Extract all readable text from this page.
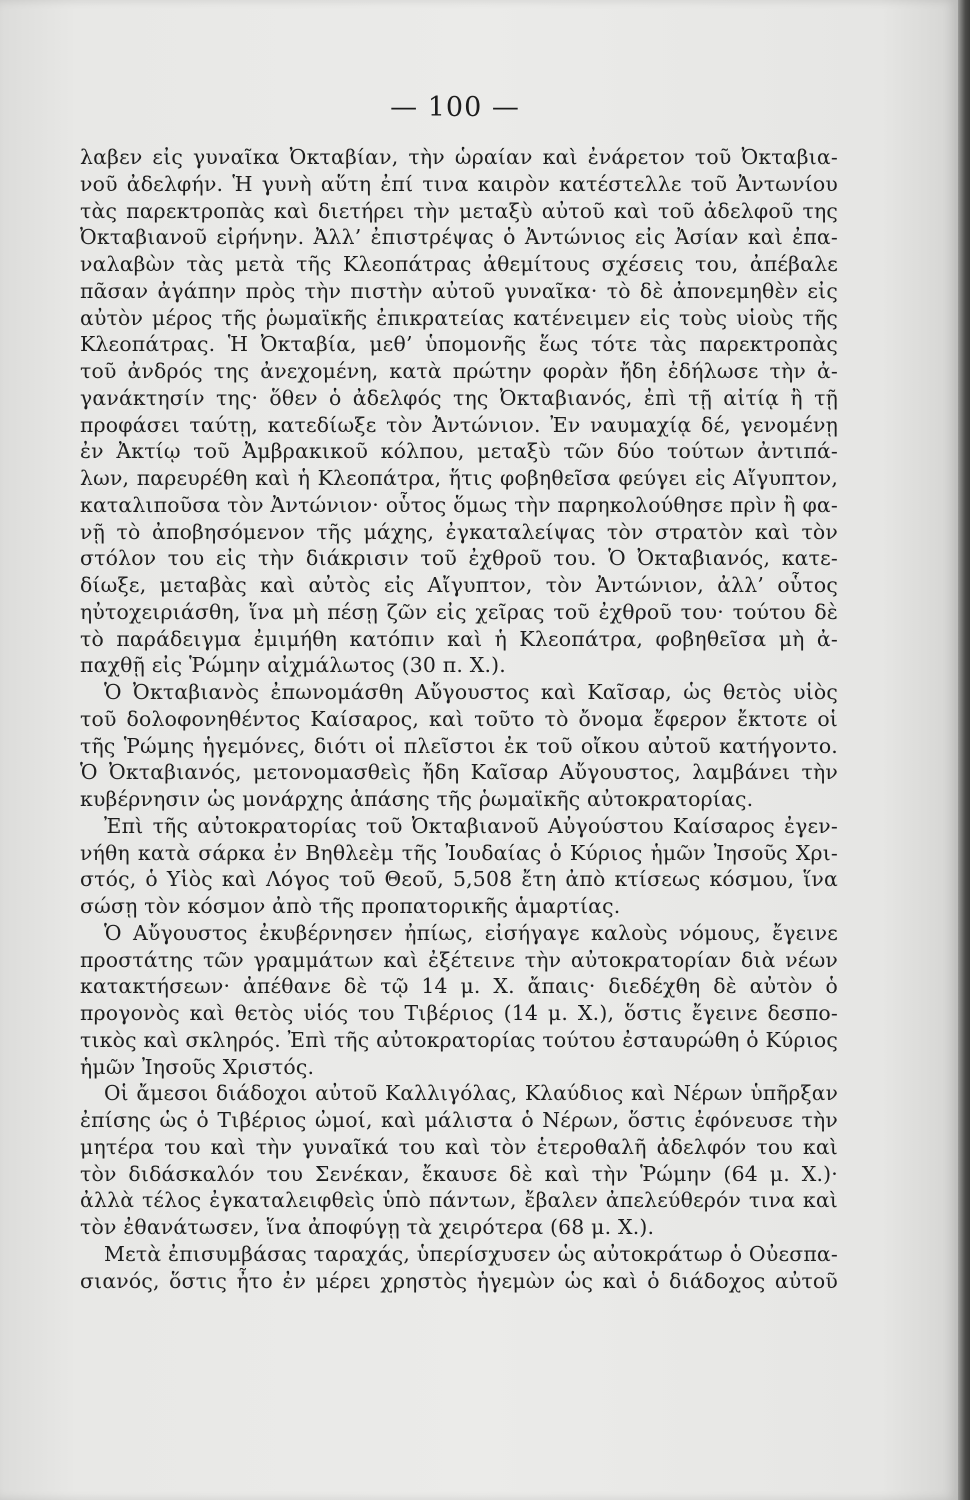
— 100 —
λαβεν εἰς γυναῖκα Ὀκταβίαν, τὴν ὡραίαν καὶ ἐνάρετον τοῦ Ὀκταβια-
νοῦ ἀδελφήν. Ἡ γυνὴ αὕτη ἐπί τινα καιρὸν κατέστελλε τοῦ Ἀντωνίου
τὰς παρεκτροπὰς καὶ διετήρει τὴν μεταξὺ αὐτοῦ καὶ τοῦ ἀδελφοῦ της
Ὀκταβιανοῦ εἰρήνην. Ἀλλ’ ἐπιστρέψας ὁ Ἀντώνιος εἰς Ἀσίαν καὶ ἐπα-
ναλαβὼν τὰς μετὰ τῆς Κλεοπάτρας ἀθεμίτους σχέσεις του, ἀπέβαλε
πᾶσαν ἀγάπην πρὸς τὴν πιστὴν αὐτοῦ γυναῖκα· τὸ δὲ ἀπονεμηθὲν εἰς
αὐτὸν μέρος τῆς ῥωμαϊκῆς ἐπικρατείας κατένειμεν εἰς τοὺς υἱοὺς τῆς
Κλεοπάτρας. Ἡ Ὀκταβία, μεθ’ ὑπομονῆς ἕως τότε τὰς παρεκτροπὰς
τοῦ ἀνδρός της ἀνεχομένη, κατὰ πρώτην φορὰν ἤδη ἐδήλωσε τὴν ἀ-
γανάκτησίν της· ὅθεν ὁ ἀδελφός της Ὀκταβιανός, ἐπὶ τῇ αἰτίᾳ ἢ τῇ
προφάσει ταύτῃ, κατεδίωξε τὸν Ἀντώνιον. Ἐν ναυμαχίᾳ δέ, γενομένῃ
ἐν Ἀκτίῳ τοῦ Ἀμβρακικοῦ κόλπου, μεταξὺ τῶν δύο τούτων ἀντιπά-
λων, παρευρέθη καὶ ἡ Κλεοπάτρα, ἥτις φοβηθεῖσα φεύγει εἰς Αἴγυπτον,
καταλιποῦσα τὸν Ἀντώνιον· οὗτος ὅμως τὴν παρηκολούθησε πρὶν ἢ φα-
νῇ τὸ ἀποβησόμενον τῆς μάχης, ἐγκαταλείψας τὸν στρατὸν καὶ τὸν
στόλον του εἰς τὴν διάκρισιν τοῦ ἐχθροῦ του. Ὁ Ὀκταβιανός, κατε-
δίωξε, μεταβὰς καὶ αὐτὸς εἰς Αἴγυπτον, τὸν Ἀντώνιον, ἀλλ’ οὗτος
ηὐτοχειριάσθη, ἵνα μὴ πέσῃ ζῶν εἰς χεῖρας τοῦ ἐχθροῦ του· τούτου δὲ
τὸ παράδειγμα ἐμιμήθη κατόπιν καὶ ἡ Κλεοπάτρα, φοβηθεῖσα μὴ ἀ-
παχθῇ εἰς Ῥώμην αἰχμάλωτος (30 π. Χ.).
Ὁ Ὀκταβιανὸς ἐπωνομάσθη Αὔγουστος καὶ Καῖσαρ, ὡς θετὸς υἱὸς
τοῦ δολοφονηθέντος Καίσαρος, καὶ τοῦτο τὸ ὄνομα ἔφερον ἔκτοτε οἱ
τῆς Ῥώμης ἡγεμόνες, διότι οἱ πλεῖστοι ἐκ τοῦ οἴκου αὐτοῦ κατήγοντο.
Ὁ Ὀκταβιανός, μετονομασθεὶς ἤδη Καῖσαρ Αὔγουστος, λαμβάνει τὴν
κυβέρνησιν ὡς μονάρχης ἁπάσης τῆς ῥωμαϊκῆς αὐτοκρατορίας.
Ἐπὶ τῆς αὐτοκρατορίας τοῦ Ὀκταβιανοῦ Αὐγούστου Καίσαρος ἐγεν-
νήθη κατὰ σάρκα ἐν Βηθλεὲμ τῆς Ἰουδαίας ὁ Κύριος ἡμῶν Ἰησοῦς Χρι-
στός, ὁ Υἱὸς καὶ Λόγος τοῦ Θεοῦ, 5,508 ἔτη ἀπὸ κτίσεως κόσμου, ἵνα
σώσῃ τὸν κόσμον ἀπὸ τῆς προπατορικῆς ἁμαρτίας.
Ὁ Αὔγουστος ἐκυβέρνησεν ἠπίως, εἰσήγαγε καλοὺς νόμους, ἔγεινε
προστάτης τῶν γραμμάτων καὶ ἐξέτεινε τὴν αὐτοκρατορίαν διὰ νέων
κατακτήσεων· ἀπέθανε δὲ τῷ 14 μ. Χ. ἄπαις· διεδέχθη δὲ αὐτὸν ὁ
προγονὸς καὶ θετὸς υἱός του Τιβέριος (14 μ. Χ.), ὅστις ἔγεινε δεσπο-
τικὸς καὶ σκληρός. Ἐπὶ τῆς αὐτοκρατορίας τούτου ἐσταυρώθη ὁ Κύριος
ἡμῶν Ἰησοῦς Χριστός.
Οἱ ἄμεσοι διάδοχοι αὐτοῦ Καλλιγόλας, Κλαύδιος καὶ Νέρων ὑπῆρξαν
ἐπίσης ὡς ὁ Τιβέριος ὠμοί, καὶ μάλιστα ὁ Νέρων, ὅστις ἐφόνευσε τὴν
μητέρα του καὶ τὴν γυναῖκά του καὶ τὸν ἑτεροθαλῆ ἀδελφόν του καὶ
τὸν διδάσκαλόν του Σενέκαν, ἔκαυσε δὲ καὶ τὴν Ῥώμην (64 μ. Χ.)·
ἀλλὰ τέλος ἐγκαταλειφθεὶς ὑπὸ πάντων, ἔβαλεν ἀπελεύθερόν τινα καὶ
τὸν ἐθανάτωσεν, ἵνα ἀποφύγῃ τὰ χειρότερα (68 μ. Χ.).
Μετὰ ἐπισυμβάσας ταραχάς, ὑπερίσχυσεν ὡς αὐτοκράτωρ ὁ Οὐεσπα-
σιανός, ὅστις ἦτο ἐν μέρει χρηστὸς ἡγεμὼν ὡς καὶ ὁ διάδοχος αὐτοῦ
